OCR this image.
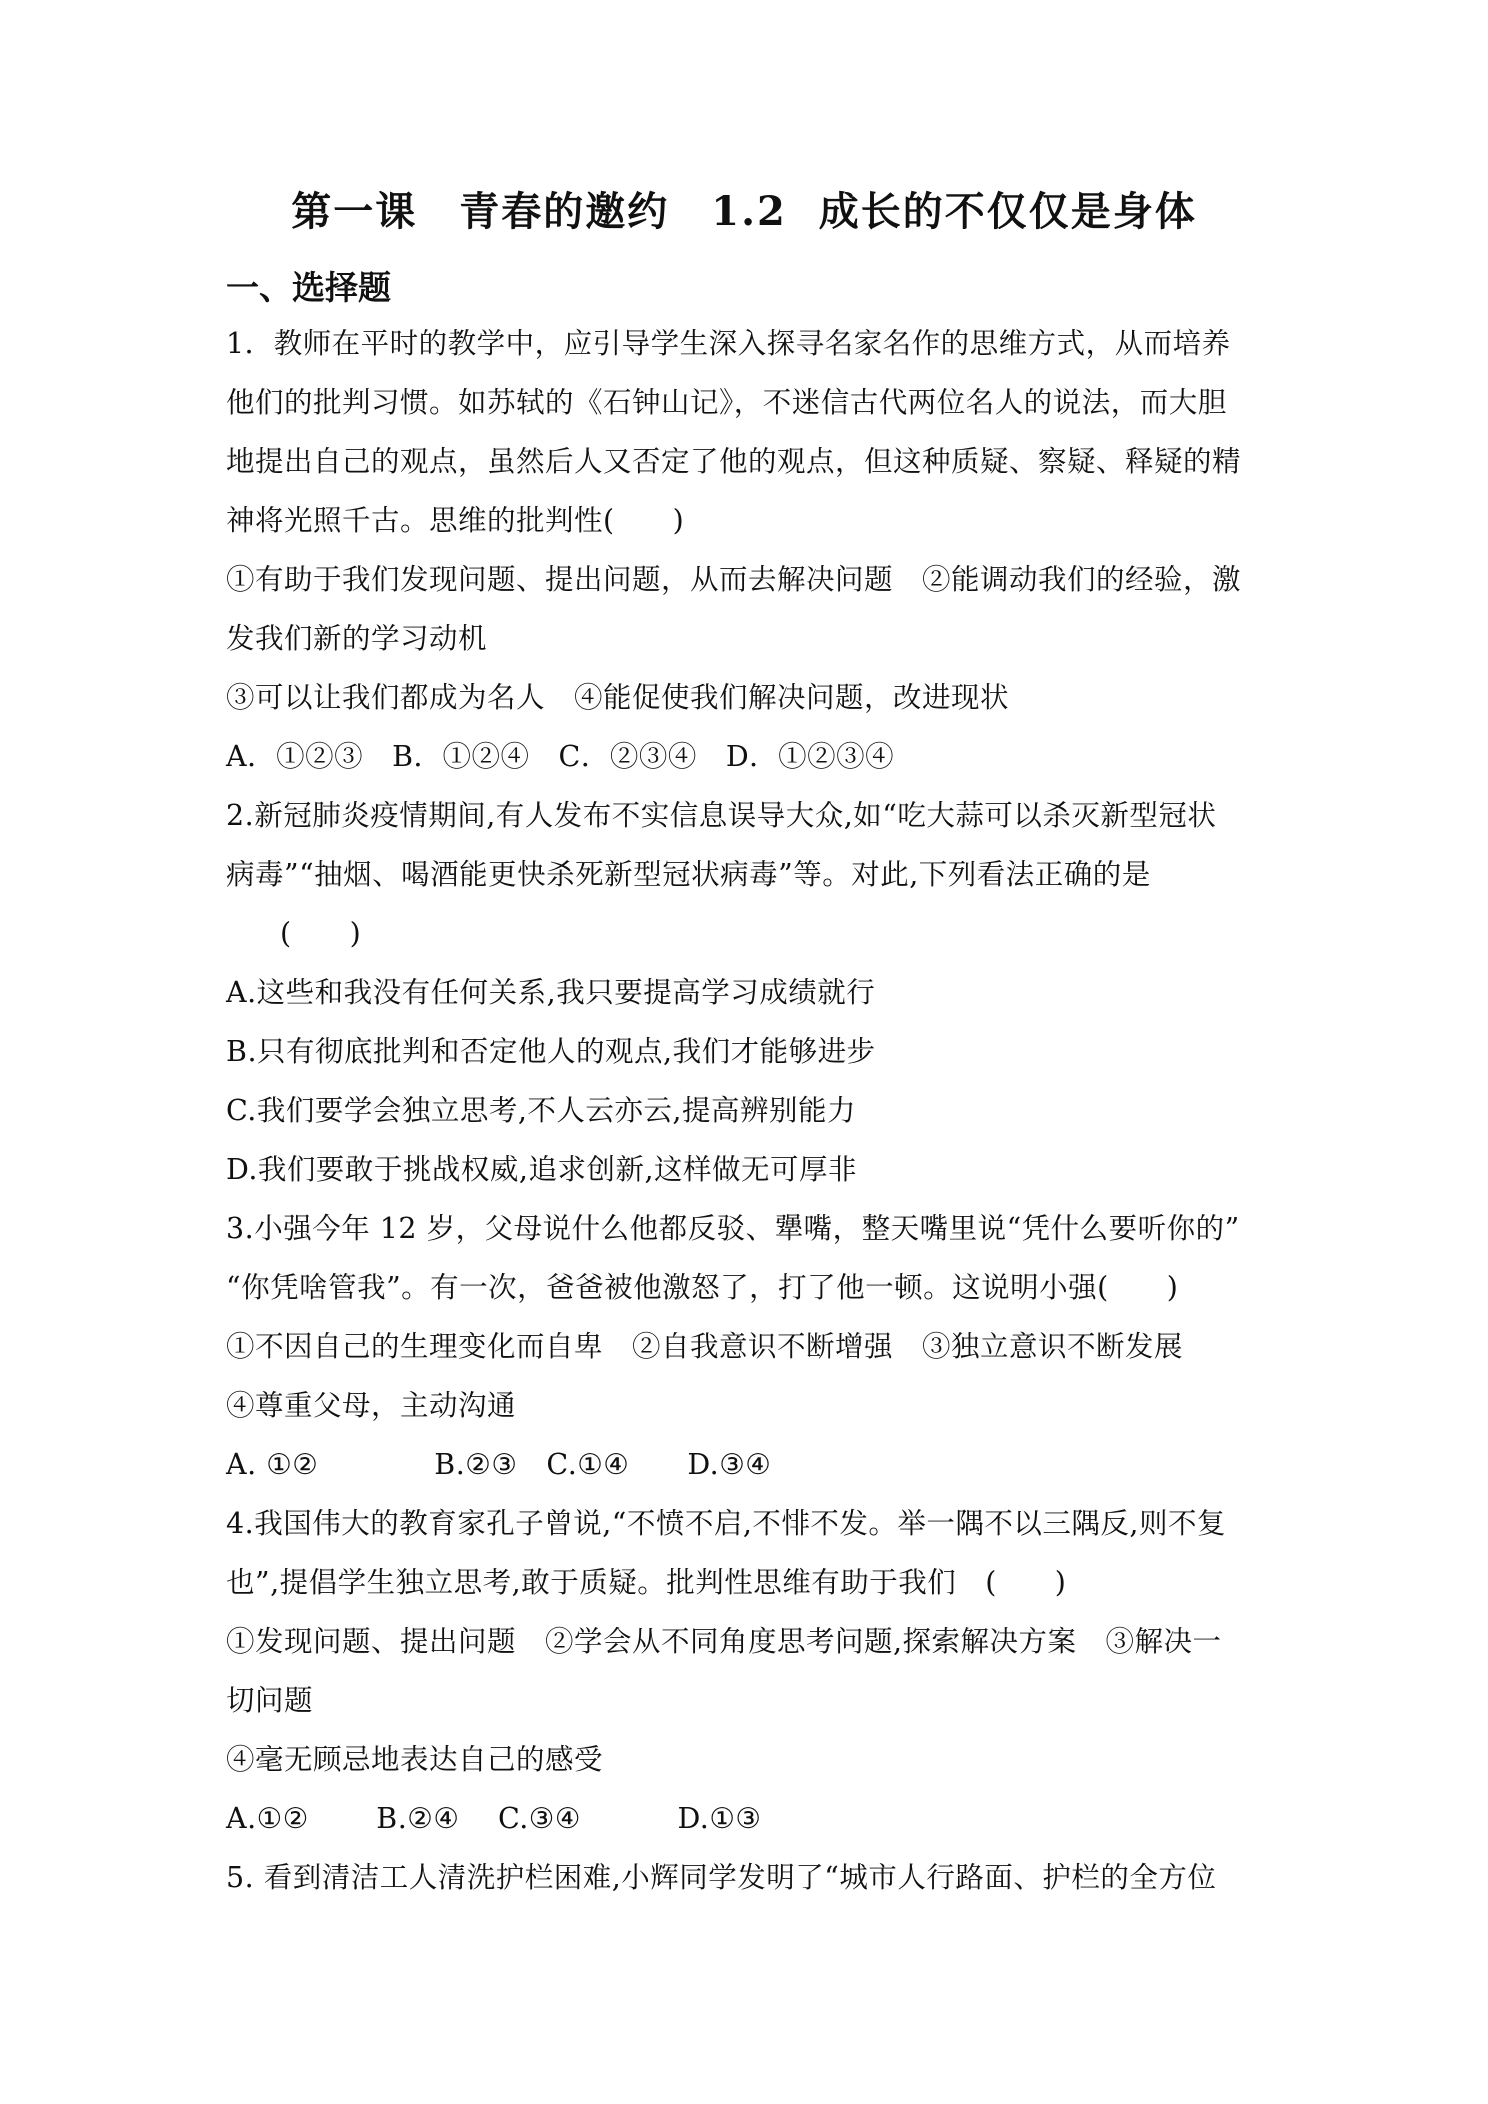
第一课　青春的邀约　1.2  成长的不仅仅是身体
一、选择题
1．教师在平时的教学中，应引导学生深入探寻名家名作的思维方式，从而培养
他们的批判习惯。如苏轼的《石钟山记》，不迷信古代两位名人的说法，而大胆
地提出自己的观点，虽然后人又否定了他的观点，但这种质疑、察疑、释疑的精
神将光照千古。思维的批判性(　　)
①有助于我们发现问题、提出问题，从而去解决问题　②能调动我们的经验，激
发我们新的学习动机
③可以让我们都成为名人　④能促使我们解决问题，改进现状
A．①②③　B．①②④　C．②③④　D．①②③④
2.新冠肺炎疫情期间,有人发布不实信息误导大众,如“吃大蒜可以杀灭新型冠状
病毒”“抽烟、喝酒能更快杀死新型冠状病毒”等。对此,下列看法正确的是
(　　)
A.这些和我没有任何关系,我只要提高学习成绩就行
B.只有彻底批判和否定他人的观点,我们才能够进步
C.我们要学会独立思考,不人云亦云,提高辨别能力
D.我们要敢于挑战权威,追求创新,这样做无可厚非
3.小强今年 12 岁，父母说什么他都反驳、犟嘴，整天嘴里说“凭什么要听你的”
“你凭啥管我”。有一次，爸爸被他激怒了，打了他一顿。这说明小强(　　)
①不因自己的生理变化而自卑　②自我意识不断增强　③独立意识不断发展
④尊重父母，主动沟通
A. ①②　　　　B.②③　C.①④　　D.③④
4.我国伟大的教育家孔子曾说,“不愤不启,不悱不发。举一隅不以三隅反,则不复
也”,提倡学生独立思考,敢于质疑。批判性思维有助于我们　(　　)
①发现问题、提出问题　②学会从不同角度思考问题,探索解决方案　③解决一
切问题
④毫无顾忌地表达自己的感受
A.①②　　 B.②④　 C.③④　　　 D.①③
5. 看到清洁工人清洗护栏困难,小辉同学发明了“城市人行路面、护栏的全方位
